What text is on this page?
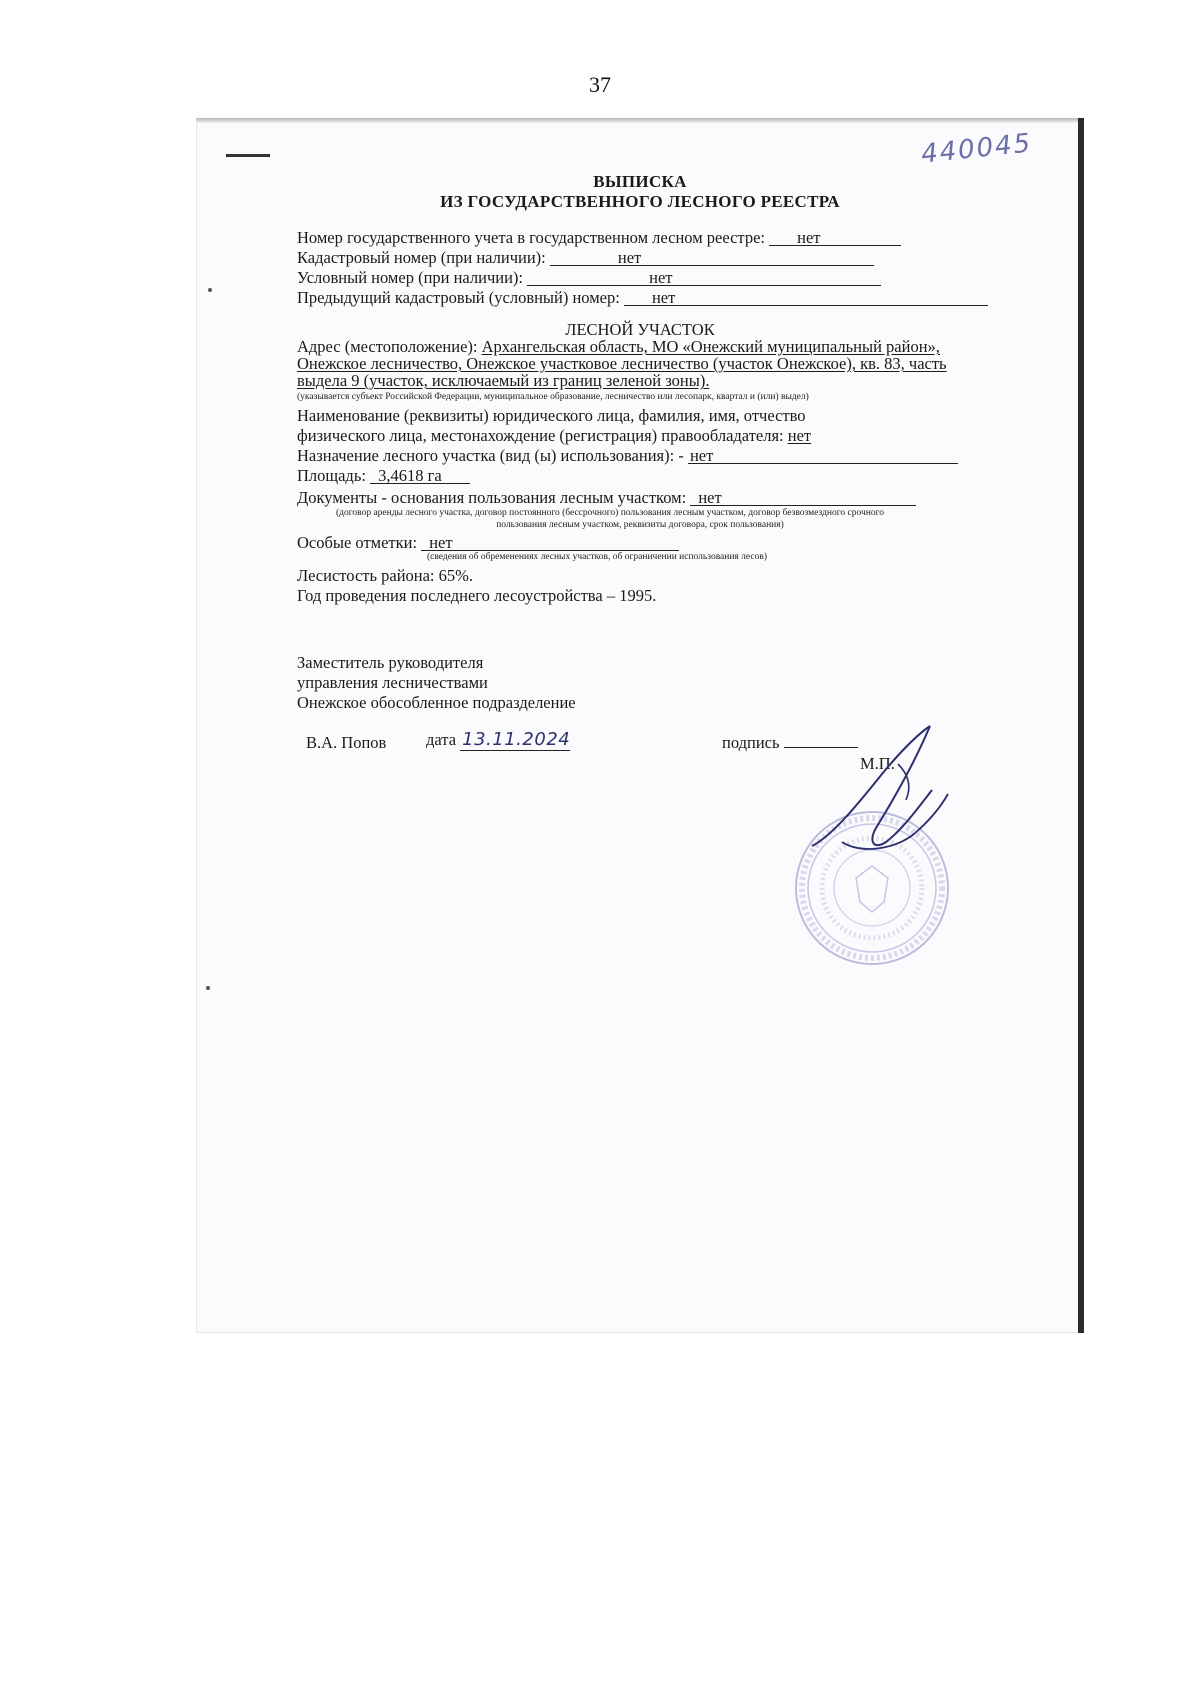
37
440045
ВЫПИСКА
ИЗ ГОСУДАРСТВЕННОГО ЛЕСНОГО РЕЕСТРА
Номер государственного учета в государственном лесном реестре: нет
Кадастровый номер (при наличии):	нет
Условный номер (при наличии):	нет
Предыдущий кадастровый (условный) номер: нет
ЛЕСНОЙ УЧАСТОК
Адрес (местоположение): Архангельская область, МО «Онежский муниципальный район»,
Онежское лесничество, Онежское участковое лесничество (участок Онежское), кв. 83, часть
выдела 9 (участок, исключаемый из границ зеленой зоны).
(указывается субъект Российской Федерации, муниципальное образование, лесничество или лесопарк, квартал и (или) выдел)
Наименование (реквизиты) юридического лица, фамилия, имя, отчество
физического лица, местонахождение (регистрация) правообладателя: нет
Назначение лесного участка (вид (ы) использования): - нет
Площадь: 3,4618 га
Документы - основания пользования лесным участком: нет
(договор аренды лесного участка, договор постоянного (бессрочного) пользования лесным участком, договор безвозмездного срочного
пользования лесным участком, реквизиты договора, срок пользования)
Особые отметки: нет
(сведения об обременениях лесных участков, об ограничении использования лесов)
Лесистость района: 65%.
Год проведения последнего лесоустройства – 1995.
Заместитель руководителя
управления лесничествами
Онежское обособленное подразделение
В.А. Попов дата 13.11.2024	подпись
М.П.
